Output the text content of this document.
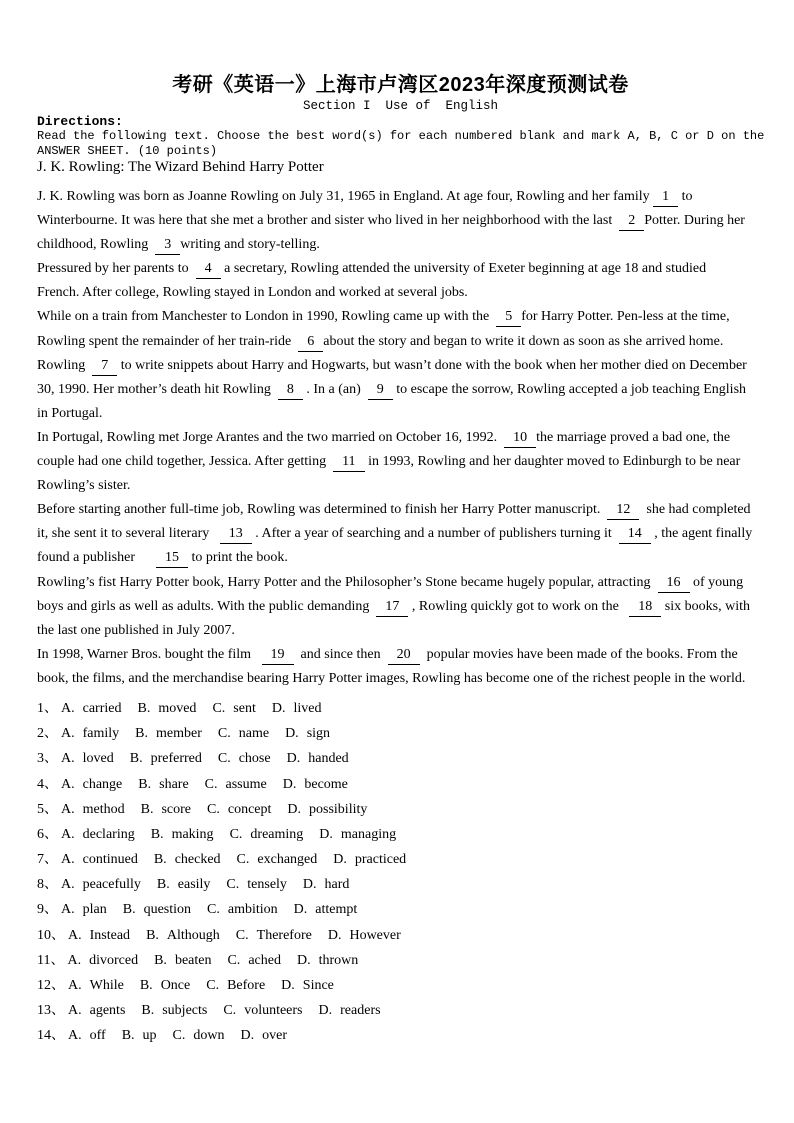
考研《英语一》上海市卢湾区2023年深度预测试卷
Section I  Use of  English
Directions:
Read the following text. Choose the best word(s) for each numbered blank and mark A, B, C or D on the
ANSWER SHEET. (10 points)
J. K. Rowling: The Wizard Behind Harry Potter
J. K. Rowling was born as Joanne Rowling on July 31, 1965 in England. At age four, Rowling and her family 1 to
Winterbourne. It was here that she met a brother and sister who lived in her neighborhood with the last  2 Potter. During her
childhood, Rowling  3 writing and story-telling.
Pressured by her parents to  4 a secretary, Rowling attended the university of Exeter beginning at age 18 and studied
French. After college, Rowling stayed in London and worked at several jobs.
While on a train from Manchester to London in 1990, Rowling came up with the  5 for Harry Potter. Pen-less at the time,
Rowling spent the remainder of her train-ride  6 about the story and began to write it down as soon as she arrived home.
Rowling  7 to write snippets about Harry and Hogwarts, but wasn’t done with the book when her mother died on December
30, 1990. Her mother’s death hit Rowling  8 . In a (an)  9 to escape the sorrow, Rowling accepted a job teaching English
in Portugal.
In Portugal, Rowling met Jorge Arantes and the two married on October 16, 1992.  10 the marriage proved a bad one, the
couple had one child together, Jessica. After getting  11 in 1993, Rowling and her daughter moved to Edinburgh to be near
Rowling’s sister.
Before starting another full-time job, Rowling was determined to finish her Harry Potter manuscript.  12  she had completed
it, she sent it to several literary   13 . After a year of searching and a number of publishers turning it  14 , the agent finally
found a publisher      15 to print the book.
Rowling’s fist Harry Potter book, Harry Potter and the Philosopher’s Stone became hugely popular, attracting  16 of young
boys and girls as well as adults. With the public demanding  17 , Rowling quickly got to work on the   18 six books, with
the last one published in July 2007.
In 1998, Warner Bros. bought the film   19  and since then  20  popular movies have been made of the books. From the
book, the films, and the merchandise bearing Harry Potter images, Rowling has become one of the richest people in the world.
1、 A. carried B. moved C. sent D. lived
2、 A. family B. member C. name D. sign
3、 A. loved B. preferred C. chose D. handed
4、 A. change B. share C. assume D. become
5、 A. method B. score C. concept D. possibility
6、 A. declaring B. making C. dreaming D. managing
7、 A. continued B. checked C. exchanged D. practiced
8、 A. peacefully B. easily C. tensely D. hard
9、 A. plan B. question C. ambition D. attempt
10、 A. Instead B. Although C. Therefore D. However
11、 A. divorced B. beaten C. ached D. thrown
12、 A. While B. Once C. Before D. Since
13、 A. agents B. subjects C. volunteers D. readers
14、 A. off B. up C. down D. over
